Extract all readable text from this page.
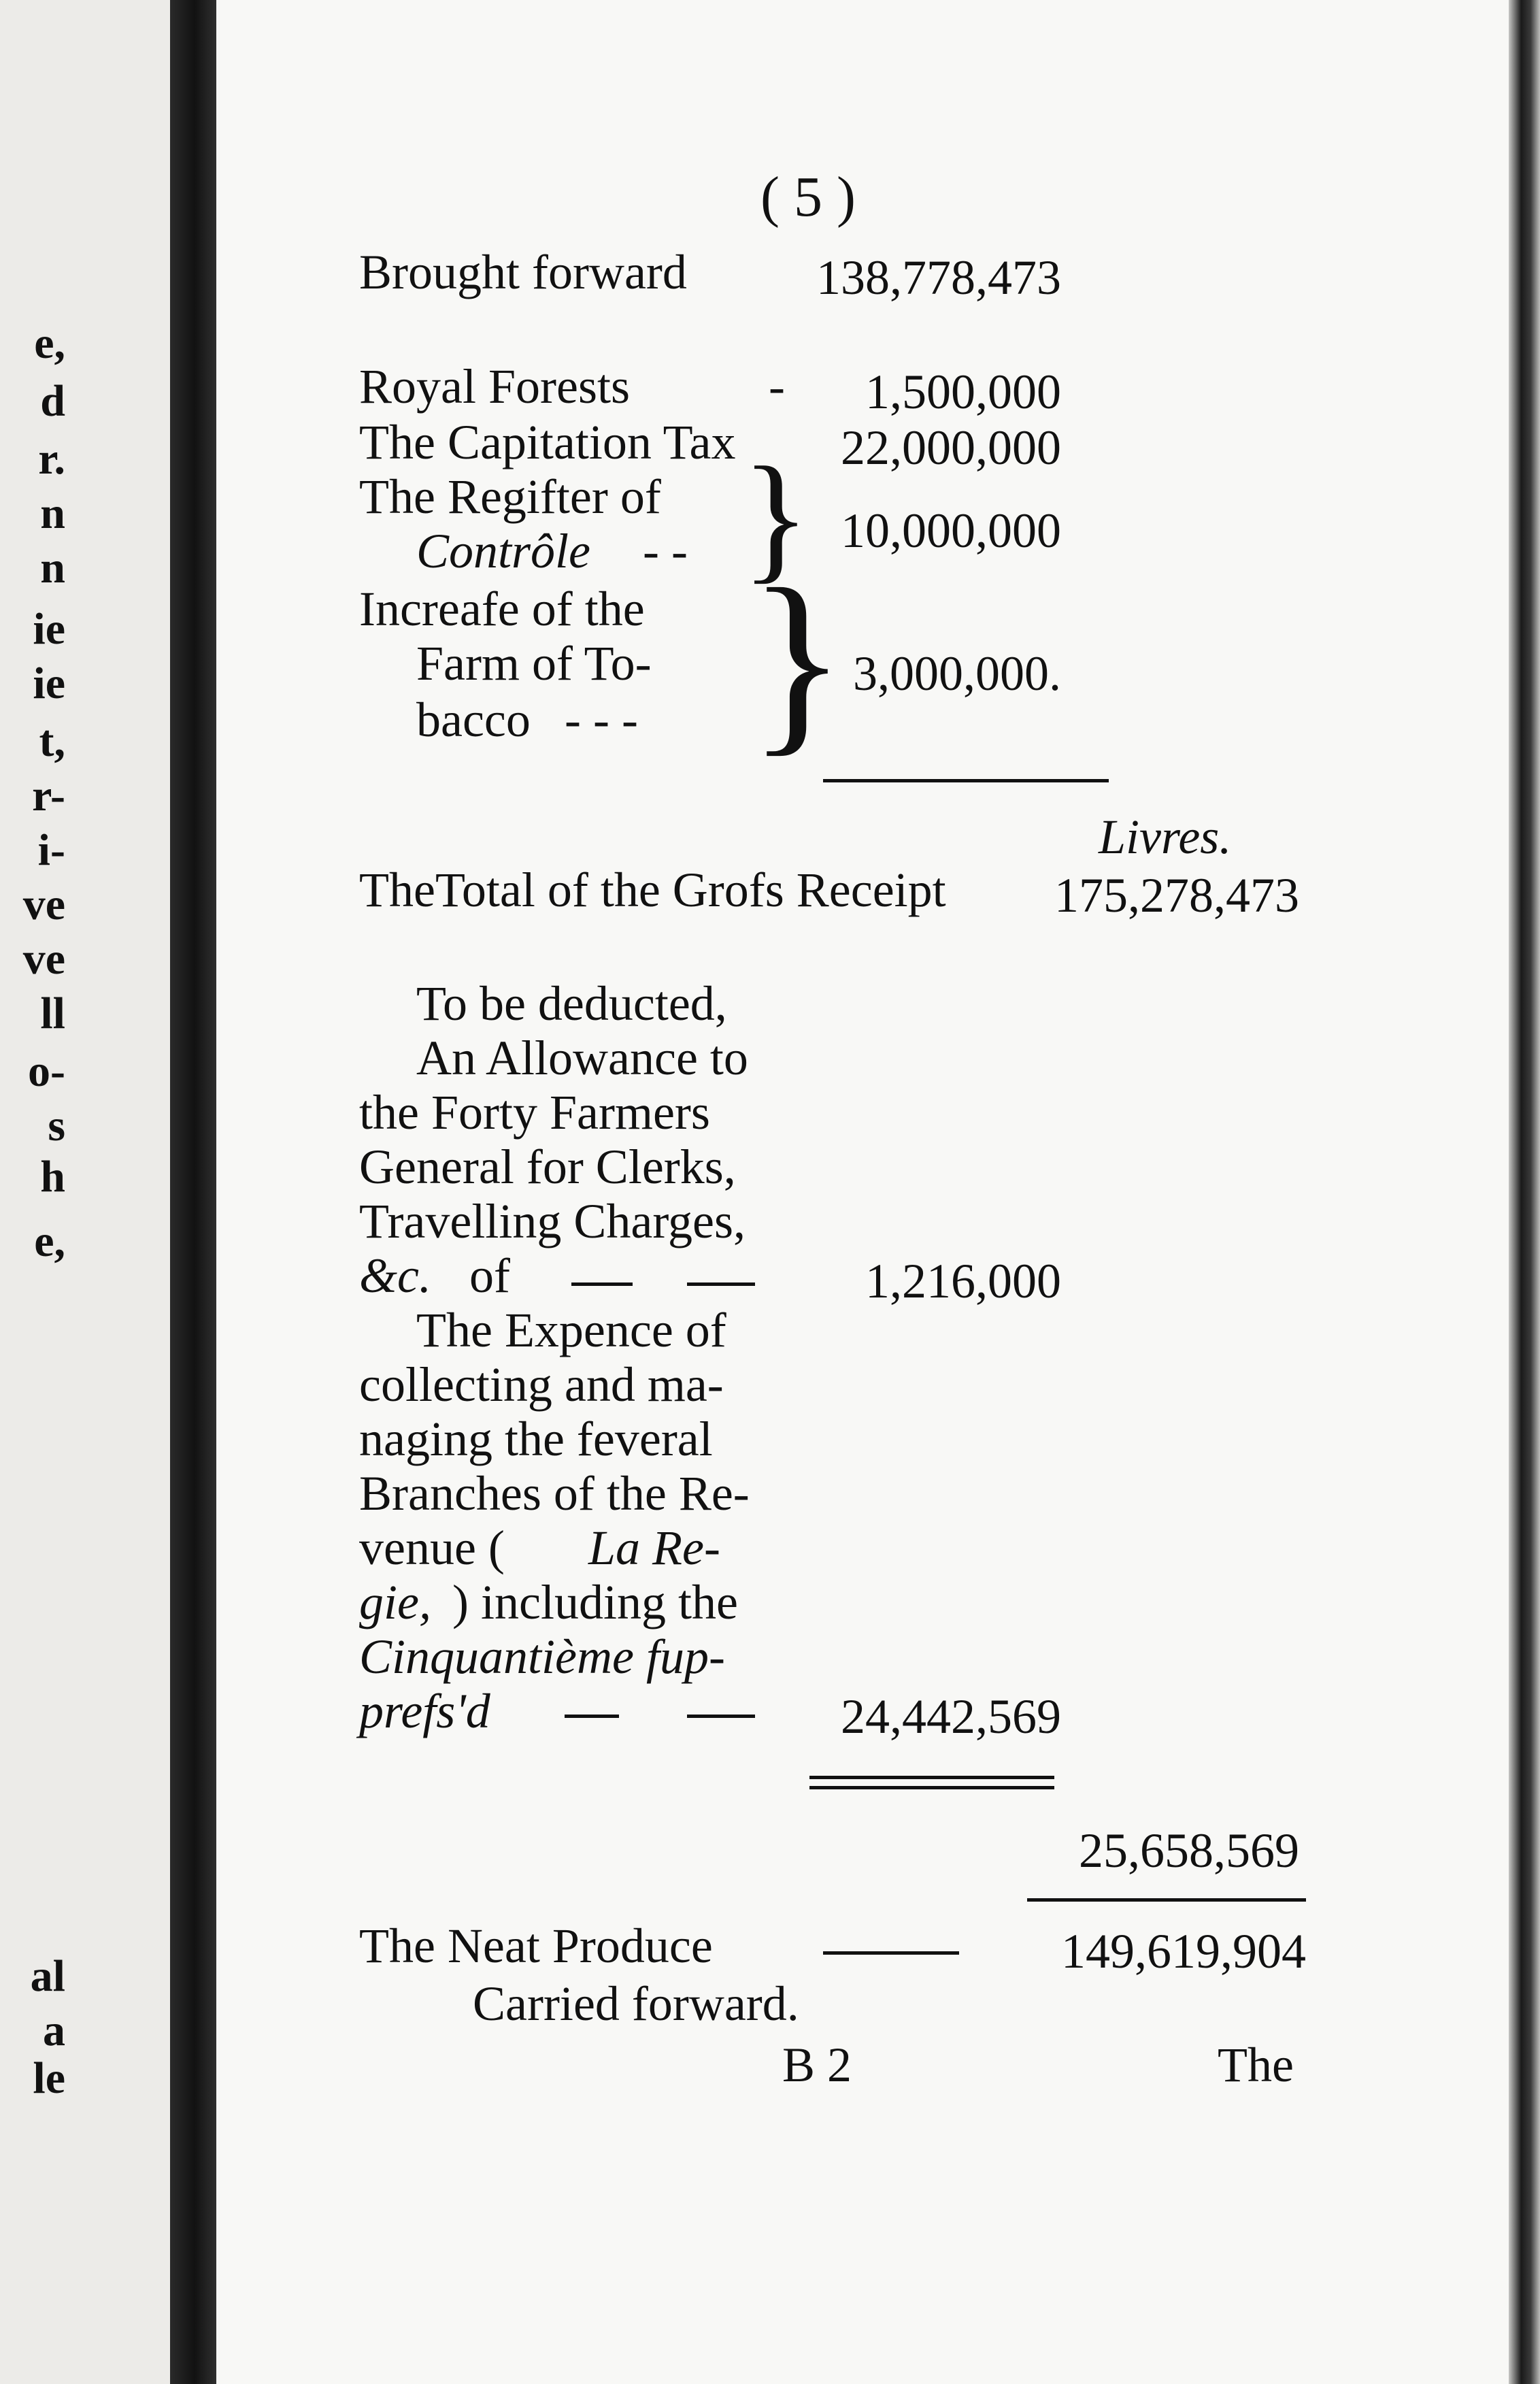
e,
d
r.
n
n
ie
ie
t,
r-
i-
ve
ve
ll
o-
s
h
e,
al
a
le
( 5 )
Brought forward	138,778,473
Royal Forests	-	1,500,000
The Capitation Tax	22,000,000
The Regifter of
Contrôle - - } 10,000,000
Increafe of the
Farm of To-
bacco - - - } 3,000,000.
Livres.
TheTotal of the Grofs Receipt	175,278,473
To be deducted,
An Allowance to
the Forty Farmers
General for Clerks,
Travelling Charges,
&c. of	1,216,000
The Expence of
collecting and ma-
naging the feveral
Branches of the Re-
venue ( La Re-
gie, ) including the
Cinquantième fup-
prefs'd	24,442,569
25,658,569
The Neat Produce	149,619,904
Carried forward.
B 2	The
